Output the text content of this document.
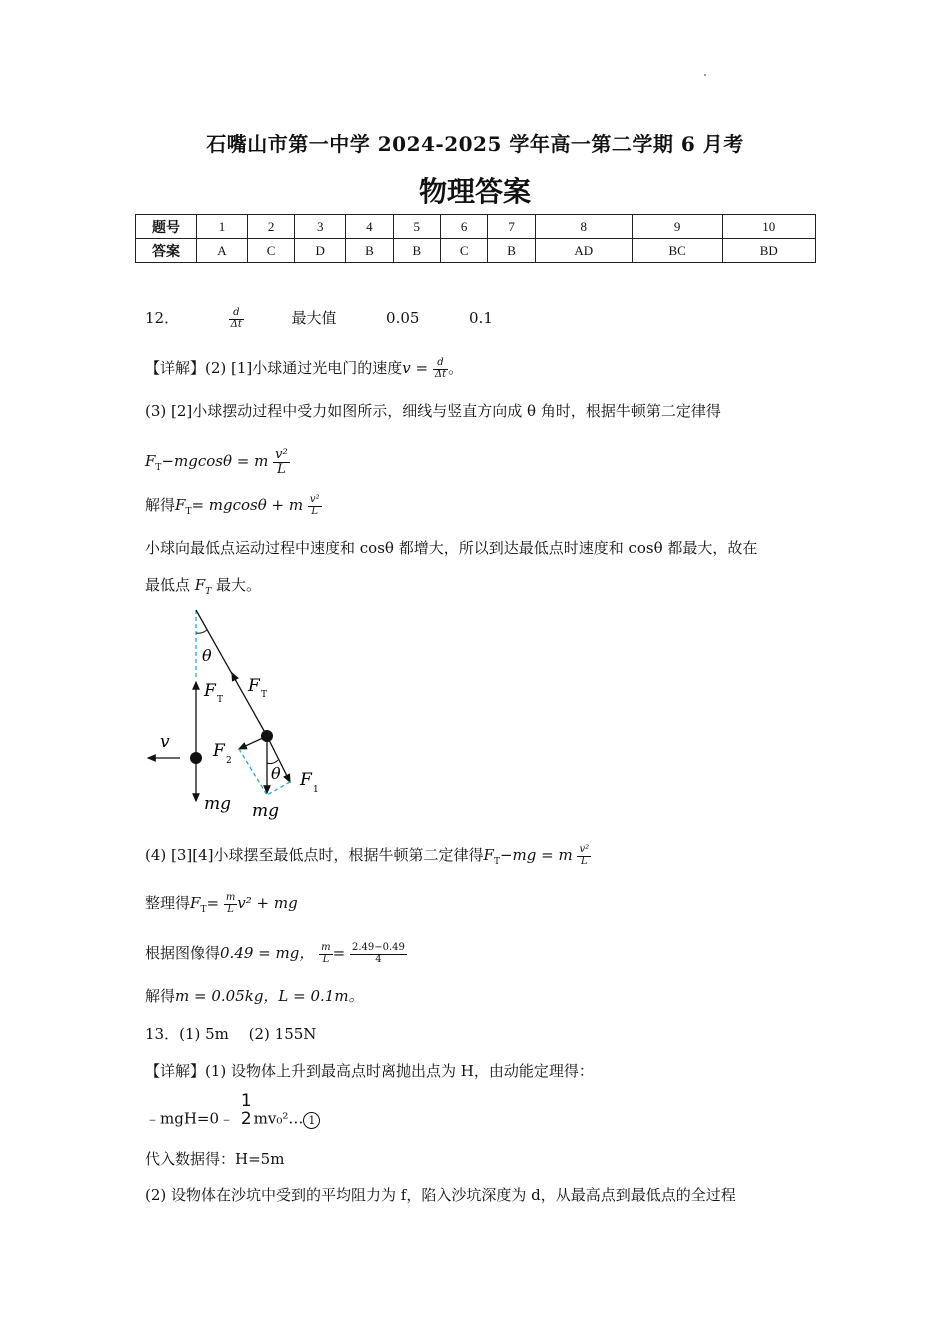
石嘴山市第一中学 2024-2025 学年高一第二学期 6 月考
物理答案
题号	1	2	3	4	5	6	7	8	9	10
答案	A	C	D	B	B	C	B	AD	BC	BD
12．	$\frac{d}{\Delta t}$	最大值	0.05	0.1
【详解】(2) [1]小球通过光电门的速度$v = \frac{d}{\Delta t}$ 。
(3) [2]小球摆动过程中受力如图所示，细线与竖直方向成 θ 角时，根据牛顿第二定律得
$F_T-mgcos\theta = m \frac{\text{v²}}{L}$
解得$F_T= mgcos\theta + m \frac{\text{v²}}{L}$
小球向最低点运动过程中速度和 cosθ 都增大，所以到达最低点时速度和 cosθ 都最大，故在
最低点 $F_T$ 最大。
θ
F T
F T
v	F 2
θ F 1
mg mg
(4) [3][4]小球摆至最低点时，根据牛顿第二定律得$F_T-mg = m \frac{\text{v²}}{L}$
整理得$F_T= \frac{m}{L} v^2$ + mg
根据图像得0.49 = mg， $\frac{m}{L} = \frac{2.49-0.49}{4}$
解得m = 0.05kg，L = 0.1m。
13．(1) 5m　 (2) 155N
【详解】(1) 设物体上升到最高点时离抛出点为 H，由动能定理得：
﹣mgH=0﹣
1
2 mv₀²… 1
代入数据得：H=5m
(2) 设物体在沙坑中受到的平均阻力为 f，陷入沙坑深度为 d，从最高点到最低点的全过程
